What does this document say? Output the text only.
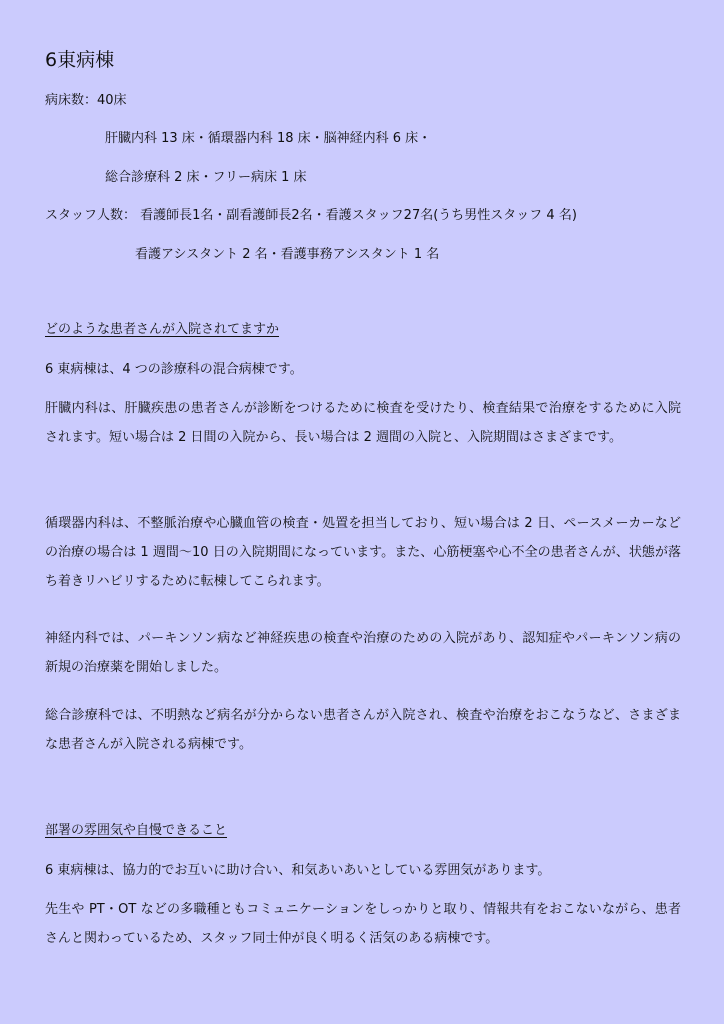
6東病棟
病床数：40床
肝臓内科 13 床・循環器内科 18 床・脳神経内科 6 床・
総合診療科 2 床・フリー病床 1 床
スタッフ人数： 看護師長1名・副看護師長2名・看護スタッフ27名(うち男性スタッフ 4 名)
看護アシスタント 2 名・看護事務アシスタント 1 名
どのような患者さんが入院されてますか
6 東病棟は、4 つの診療科の混合病棟です。
肝臓内科は、肝臓疾患の患者さんが診断をつけるために検査を受けたり、検査結果で治療をするために入院されます。短い場合は 2 日間の入院から、長い場合は 2 週間の入院と、入院期間はさまざまです。
循環器内科は、不整脈治療や心臓血管の検査・処置を担当しており、短い場合は 2 日、ペースメーカーなどの治療の場合は 1 週間～10 日の入院期間になっています。また、心筋梗塞や心不全の患者さんが、状態が落ち着きリハビリするために転棟してこられます。
神経内科では、パーキンソン病など神経疾患の検査や治療のための入院があり、認知症やパーキンソン病の新規の治療薬を開始しました。
総合診療科では、不明熱など病名が分からない患者さんが入院され、検査や治療をおこなうなど、さまざまな患者さんが入院される病棟です。
部署の雰囲気や自慢できること
6 東病棟は、協力的でお互いに助け合い、和気あいあいとしている雰囲気があります。
先生や PT・OT などの多職種ともコミュニケーションをしっかりと取り、情報共有をおこないながら、患者さんと関わっているため、スタッフ同士仲が良く明るく活気のある病棟です。
